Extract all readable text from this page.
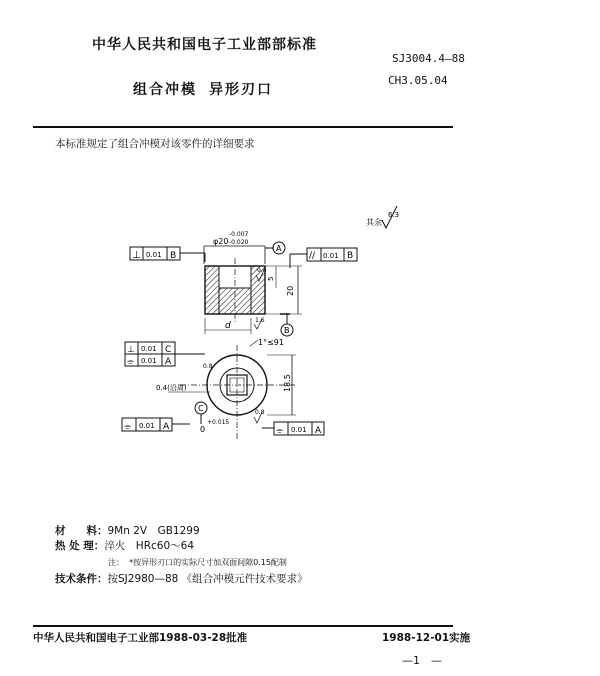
中华人民共和国电子工业部部标准
SJ3004.4—88
组合冲模 异形刃口
CH3.05.04
本标准规定了组合冲模对该零件的详细要求
其余
6.3
⊥ 0.01 B	// 0.01 B
φ20
-0.007
-0.020
A
0.4
20
5
B
d
1.6
⊥ 0.01 C
⌯ 0.01 A
1°≤91
18.5
0.8
0.4(沿周)
C
0
+0.015
⌯ 0.01 A	⌯ 0.01 A
0.8
材　　料：9Mn 2V　GB1299
热 处 理：淬火　HRc60～64
注： *按异形刃口的实际尺寸加双面间隙0.15配制
技术条件：按SJ2980—88 《组合冲模元件技术要求》
中华人民共和国电子工业部1988-03-28批准	1988-12-01实施
—1　—
